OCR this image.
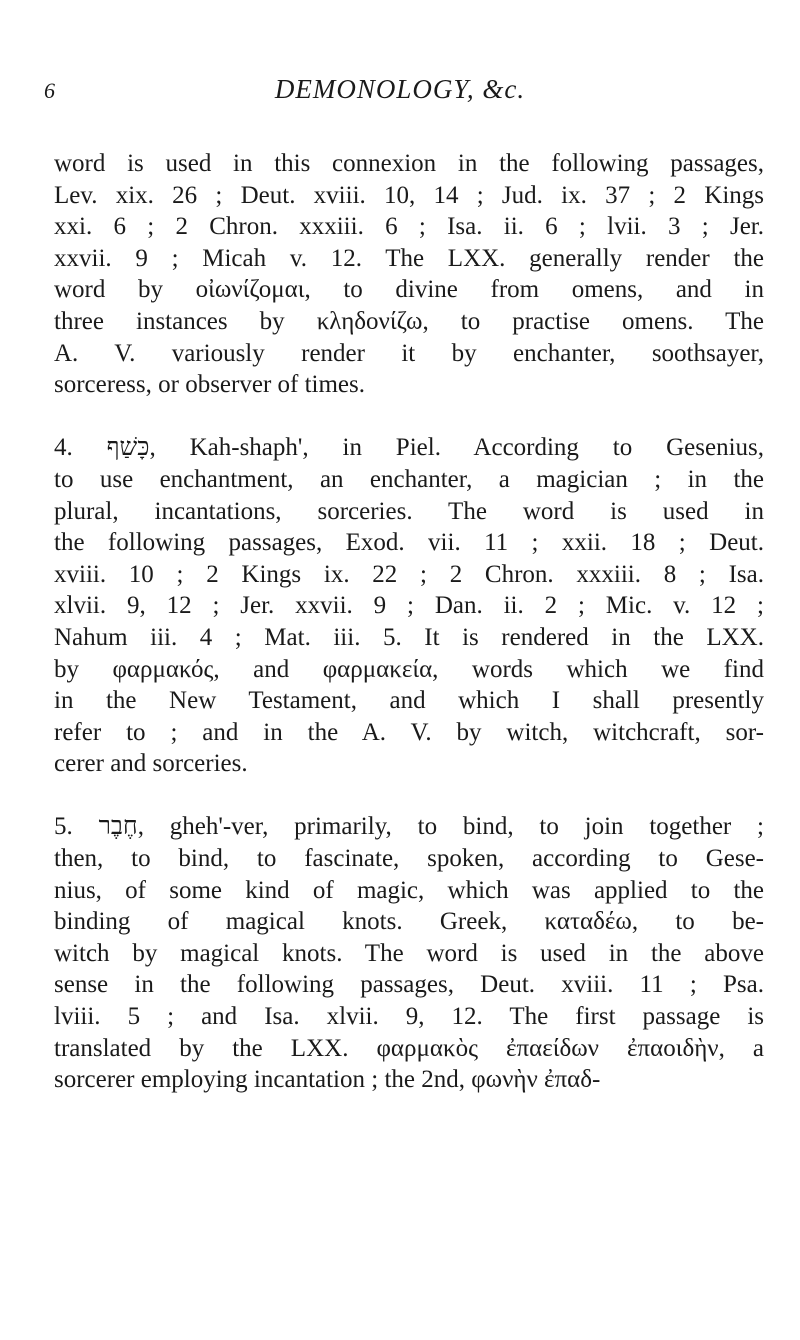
6	DEMONOLOGY, &c.
word is used in this connexion in the following passages,
Lev. xix. 26 ; Deut. xviii. 10, 14 ; Jud. ix. 37 ; 2 Kings
xxi. 6 ; 2 Chron. xxxiii. 6 ; Isa. ii. 6 ; lvii. 3 ; Jer.
xxvii. 9 ; Micah v. 12. The LXX. generally render the
word by οἰωνίζομαι, to divine from omens, and in
three instances by κληδονίζω, to practise omens. The
A. V. variously render it by enchanter, soothsayer,
sorceress, or observer of times.
4. כָּשַׁף, Kah-shaph', in Piel. According to Gesenius,
to use enchantment, an enchanter, a magician ; in the
plural, incantations, sorceries. The word is used in
the following passages, Exod. vii. 11 ; xxii. 18 ; Deut.
xviii. 10 ; 2 Kings ix. 22 ; 2 Chron. xxxiii. 8 ; Isa.
xlvii. 9, 12 ; Jer. xxvii. 9 ; Dan. ii. 2 ; Mic. v. 12 ;
Nahum iii. 4 ; Mat. iii. 5. It is rendered in the LXX.
by φαρμακός, and φαρμακεία, words which we find
in the New Testament, and which I shall presently
refer to ; and in the A. V. by witch, witchcraft, sor-
cerer and sorceries.
5. חֶבֶר, gheh'-ver, primarily, to bind, to join together ;
then, to bind, to fascinate, spoken, according to Gese-
nius, of some kind of magic, which was applied to the
binding of magical knots. Greek, καταδέω, to be-
witch by magical knots. The word is used in the above
sense in the following passages, Deut. xviii. 11 ; Psa.
lviii. 5 ; and Isa. xlvii. 9, 12. The first passage is
translated by the LXX. φαρμακὸς ἐπαείδων ἐπαοιδὴν, a
sorcerer employing incantation ; the 2nd, φωνὴν ἐπαδ-
